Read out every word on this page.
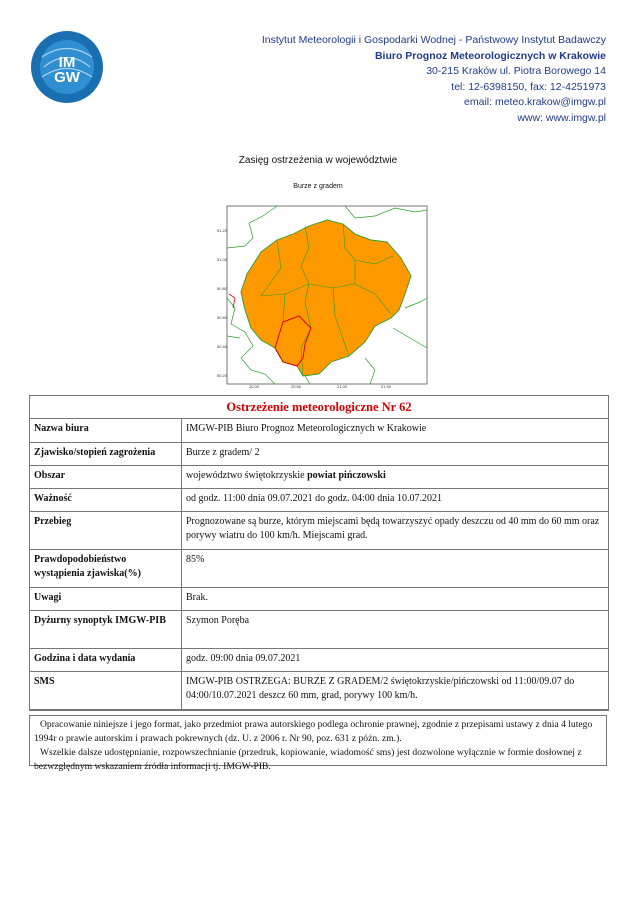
IM
GW
Instytut Meteorologii i Gospodarki Wodnej - Państwowy Instytut Badawczy
Biuro Prognoz Meteorologicznych w Krakowie
30-215 Kraków ul. Piotra Borowego 14
tel: 12-6398150, fax: 12-4251973
email: meteo.krakow@imgw.pl
www: www.imgw.pl
Zasięg ostrzeżenia w województwie
Burze z gradem
51.20
51.00
50.80
50.60
50.40
50.20
20.00	20.50	21.00	21.50
Ostrzeżenie meteorologiczne Nr 62
Nazwa biura	IMGW-PIB Biuro Prognoz Meteorologicznych w Krakowie
Zjawisko/stopień zagrożenia	Burze z gradem/ 2
Obszar	województwo świętokrzyskie powiat pińczowski
Ważność	od godz. 11:00 dnia 09.07.2021 do godz. 04:00 dnia 10.07.2021
Przebieg	Prognozowane są burze, którym miejscami będą towarzyszyć opady deszczu od 40 mm do 60 mm oraz porywy wiatru do 100 km/h. Miejscami grad.
Prawdopodobieństwo wystąpienia zjawiska(%)	85%
Uwagi	Brak.
Dyżurny synoptyk IMGW-PIB	Szymon Poręba
Godzina i data wydania	godz. 09:00 dnia 09.07.2021
SMS	IMGW-PIB OSTRZEGA: BURZE Z GRADEM/2 świętokrzyskie/pińczowski od 11:00/09.07 do 04:00/10.07.2021 deszcz 60 mm, grad, porywy 100 km/h.

Opracowanie niniejsze i jego format, jako przedmiot prawa autorskiego podlega ochronie prawnej, zgodnie z przepisami ustawy z dnia 4 lutego 1994r o prawie autorskim i prawach pokrewnych (dz. U. z 2006 r. Nr 90, poz. 631 z późn. zm.).

Wszelkie dalsze udostępnianie, rozpowszechnianie (przedruk, kopiowanie, wiadomość sms) jest dozwolone wyłącznie w formie dosłownej z bezwzględnym wskazaniem źródła informacji tj. IMGW-PIB.
